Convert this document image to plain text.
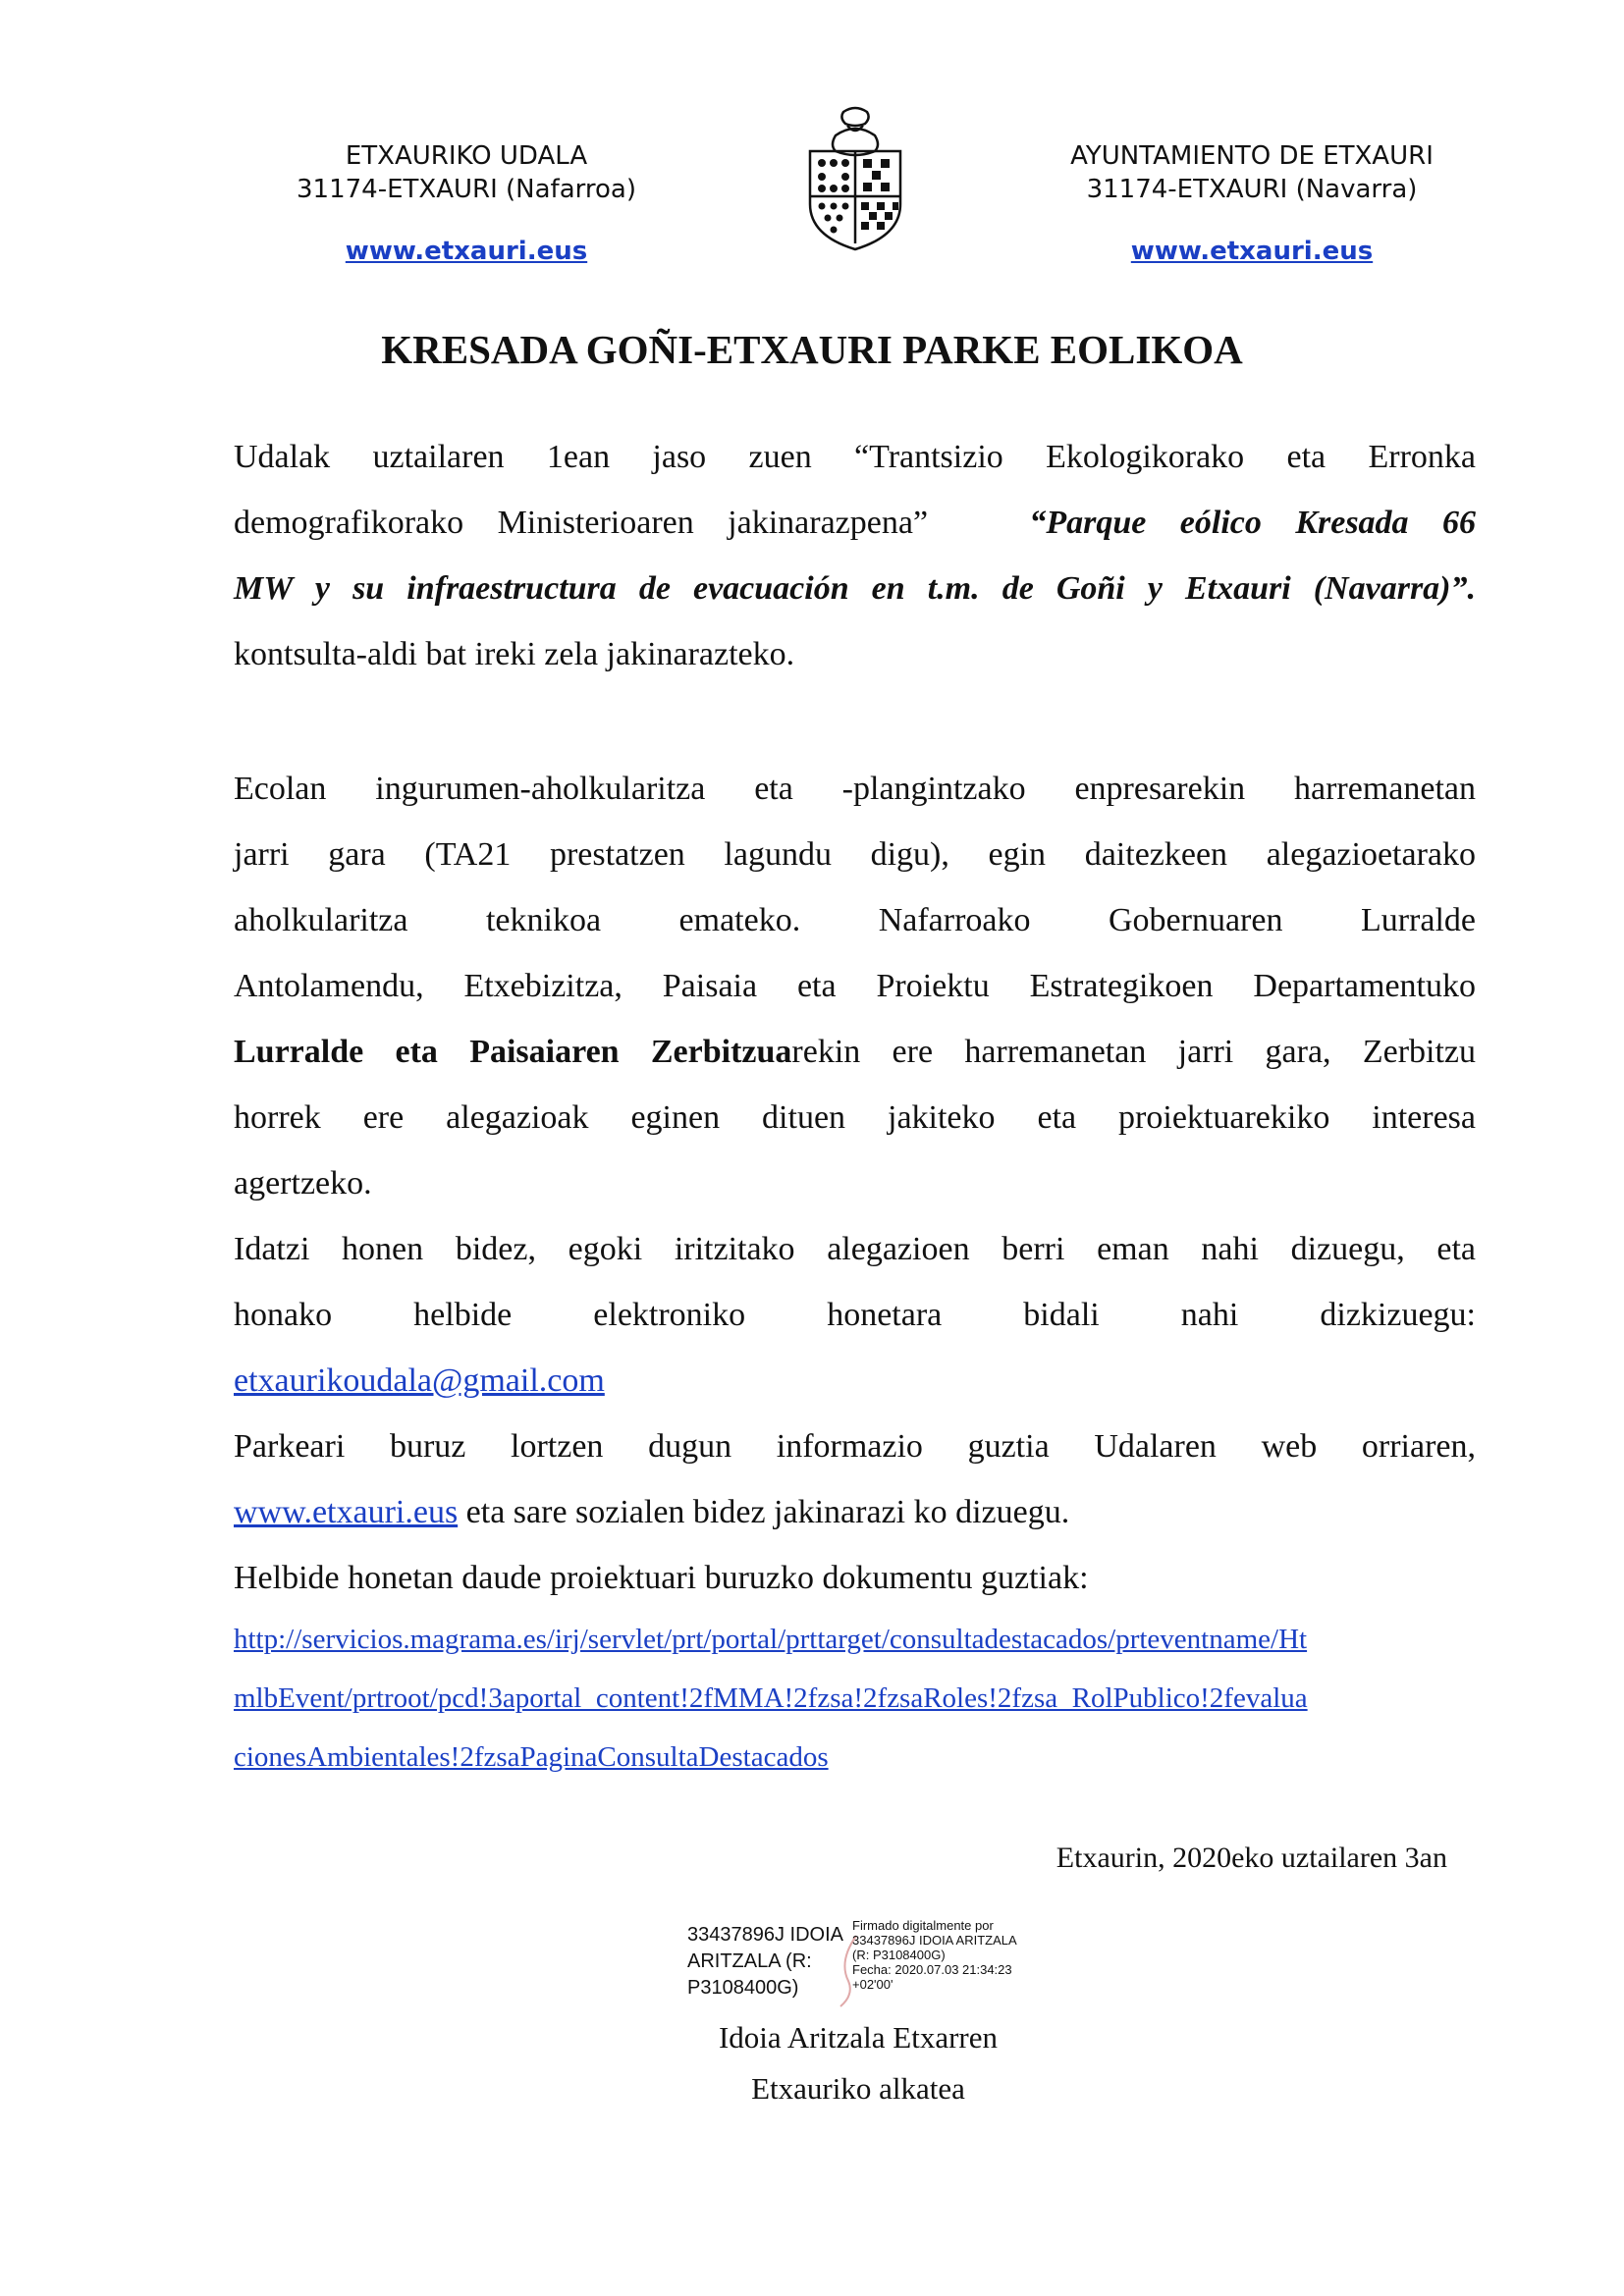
ETXAURIKO UDALA
31174-ETXAURI (Nafarroa)
www.etxauri.eus
AYUNTAMIENTO DE ETXAURI
31174-ETXAURI (Navarra)
www.etxauri.eus
KRESADA GOÑI-ETXAURI PARKE EOLIKOA
Udalak uztailaren 1ean jaso zuen “Trantsizio Ekologikorako eta Erronka
demografikorako Ministerioaren jakinarazpena”	“Parque eólico Kresada 66
MW y su infraestructura de evacuación en t.m. de Goñi y Etxauri (Navarra)”.
kontsulta-aldi bat ireki zela jakinarazteko.
Ecolan ingurumen-aholkularitza eta -plangintzako enpresarekin harremanetan
jarri gara (TA21 prestatzen lagundu digu), egin daitezkeen alegazioetarako
aholkularitza teknikoa emateko. Nafarroako Gobernuaren Lurralde
Antolamendu, Etxebizitza, Paisaia eta Proiektu Estrategikoen Departamentuko
Lurralde eta Paisaiaren Zerbitzuarekin ere harremanetan jarri gara, Zerbitzu
horrek ere alegazioak eginen dituen jakiteko eta proiektuarekiko interesa
agertzeko.
Idatzi honen bidez, egoki iritzitako alegazioen berri eman nahi dizuegu, eta
honako helbide elektroniko honetara bidali nahi dizkizuegu:
etxaurikoudala@gmail.com
Parkeari buruz lortzen dugun informazio guztia Udalaren web orriaren,
www.etxauri.eus eta sare sozialen bidez jakinarazi ko dizuegu.
Helbide honetan daude proiektuari buruzko dokumentu guztiak:
http://servicios.magrama.es/irj/servlet/prt/portal/prttarget/consultadestacados/prteventname/Ht
mlbEvent/prtroot/pcd!3aportal_content!2fMMA!2fzsa!2fzsaRoles!2fzsa_RolPublico!2fevalua
cionesAmbientales!2fzsaPaginaConsultaDestacados
Etxaurin, 2020eko uztailaren 3an
33437896J IDOIA
ARITZALA (R:
P3108400G)
Firmado digitalmente por
33437896J IDOIA ARITZALA
(R: P3108400G)
Fecha: 2020.07.03 21:34:23
+02'00'
Idoia Aritzala Etxarren
Etxauriko alkatea
